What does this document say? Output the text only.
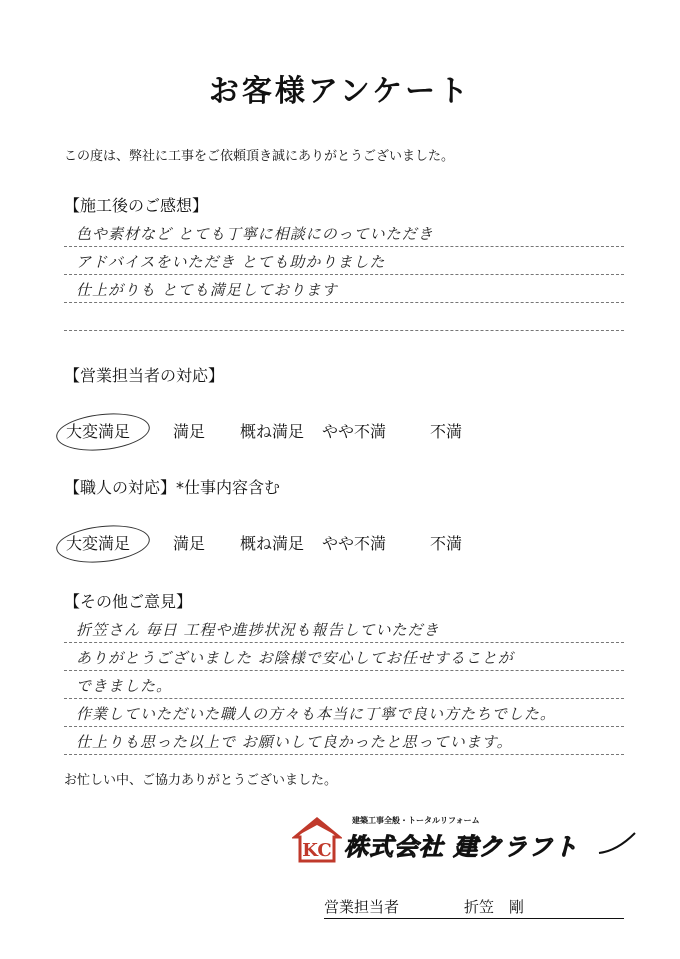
お客様アンケート
この度は、弊社に工事をご依頼頂き誠にありがとうございました。
【施工後のご感想】
色や素材など とても丁寧に相談にのっていただき
アドバイスをいただき とても助かりました
仕上がりも とても満足しております
【営業担当者の対応】
大変満足	満足 概ね満足 やや不満	不満
【職人の対応】*仕事内容含む
大変満足	満足 概ね満足 やや不満	不満
【その他ご意見】
折笠さん 毎日 工程や進捗状況も報告していただき
ありがとうございました お陰様で安心してお任せすることが
できました。
作業していただいた職人の方々も本当に丁寧で良い方たちでした。
仕上りも思った以上で お願いして良かったと思っています。
お忙しい中、ご協力ありがとうございました。
KC
建築工事全般・トータルリフォーム
株式会社 建クラフト
営業担当者	折笠　剛
